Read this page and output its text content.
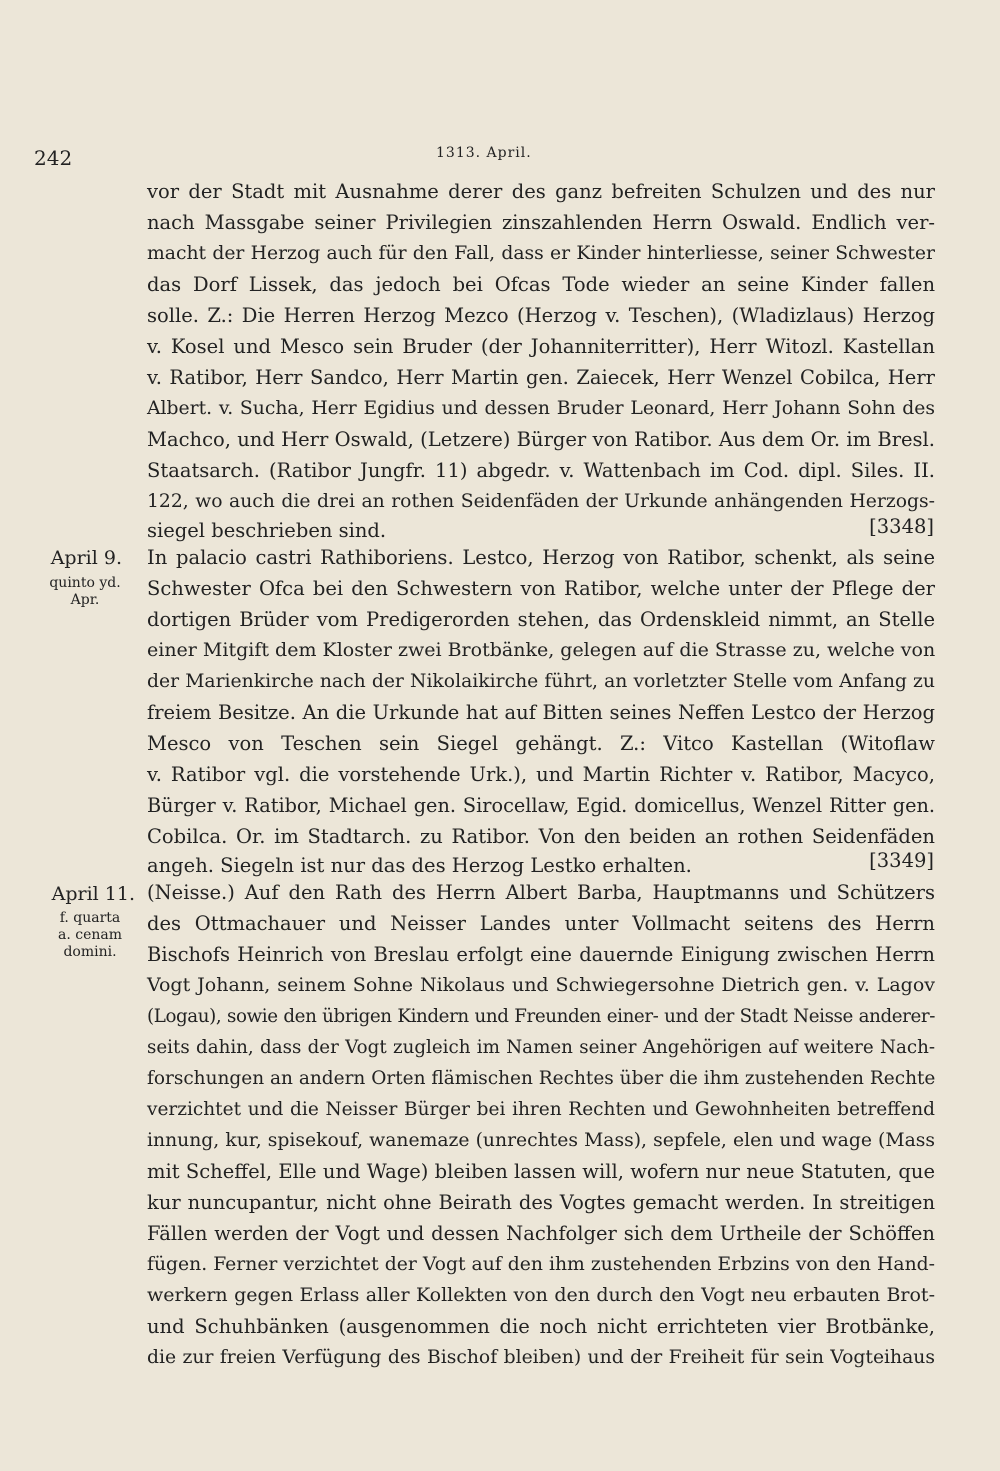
242	1313. April.
vor der Stadt mit Ausnahme derer des ganz befreiten Schulzen und des nur
nach Massgabe seiner Privilegien zinszahlenden Herrn Oswald. Endlich ver-
macht der Herzog auch für den Fall, dass er Kinder hinterliesse, seiner Schwester
das Dorf Lissek, das jedoch bei Ofcas Tode wieder an seine Kinder fallen
solle. Z.: Die Herren Herzog Mezco (Herzog v. Teschen), (Wladizlaus) Herzog
v. Kosel und Mesco sein Bruder (der Johanniterritter), Herr Witozl. Kastellan
v. Ratibor, Herr Sandco, Herr Martin gen. Zaiecek, Herr Wenzel Cobilca, Herr
Albert. v. Sucha, Herr Egidius und dessen Bruder Leonard, Herr Johann Sohn des
Machco, und Herr Oswald, (Letzere) Bürger von Ratibor. Aus dem Or. im Bresl.
Staatsarch. (Ratibor Jungfr. 11) abgedr. v. Wattenbach im Cod. dipl. Siles. II.
122, wo auch die drei an rothen Seidenfäden der Urkunde anhängenden Herzogs-
siegel beschrieben sind.	[3348]
April 9.
quinto yd.
Apr.
In palacio castri Rathiboriens. Lestco, Herzog von Ratibor, schenkt, als seine
Schwester Ofca bei den Schwestern von Ratibor, welche unter der Pflege der
dortigen Brüder vom Predigerorden stehen, das Ordenskleid nimmt, an Stelle
einer Mitgift dem Kloster zwei Brotbänke, gelegen auf die Strasse zu, welche von
der Marienkirche nach der Nikolaikirche führt, an vorletzter Stelle vom Anfang zu
freiem Besitze. An die Urkunde hat auf Bitten seines Neffen Lestco der Herzog
Mesco von Teschen sein Siegel gehängt. Z.: Vitco Kastellan (Witoflaw
v. Ratibor vgl. die vorstehende Urk.), und Martin Richter v. Ratibor, Macyco,
Bürger v. Ratibor, Michael gen. Sirocellaw, Egid. domicellus, Wenzel Ritter gen.
Cobilca. Or. im Stadtarch. zu Ratibor. Von den beiden an rothen Seidenfäden
angeh. Siegeln ist nur das des Herzog Lestko erhalten.	[3349]
April 11.
f. quarta
a. cenam
domini.
(Neisse.) Auf den Rath des Herrn Albert Barba, Hauptmanns und Schützers
des Ottmachauer und Neisser Landes unter Vollmacht seitens des Herrn
Bischofs Heinrich von Breslau erfolgt eine dauernde Einigung zwischen Herrn
Vogt Johann, seinem Sohne Nikolaus und Schwiegersohne Dietrich gen. v. Lagov
(Logau), sowie den übrigen Kindern und Freunden einer- und der Stadt Neisse anderer-
seits dahin, dass der Vogt zugleich im Namen seiner Angehörigen auf weitere Nach-
forschungen an andern Orten flämischen Rechtes über die ihm zustehenden Rechte
verzichtet und die Neisser Bürger bei ihren Rechten und Gewohnheiten betreffend
innung, kur, spisekouf, wanemaze (unrechtes Mass), sepfele, elen und wage (Mass
mit Scheffel, Elle und Wage) bleiben lassen will, wofern nur neue Statuten, que
kur nuncupantur, nicht ohne Beirath des Vogtes gemacht werden. In streitigen
Fällen werden der Vogt und dessen Nachfolger sich dem Urtheile der Schöffen
fügen. Ferner verzichtet der Vogt auf den ihm zustehenden Erbzins von den Hand-
werkern gegen Erlass aller Kollekten von den durch den Vogt neu erbauten Brot-
und Schuhbänken (ausgenommen die noch nicht errichteten vier Brotbänke,
die zur freien Verfügung des Bischof bleiben) und der Freiheit für sein Vogteihaus
